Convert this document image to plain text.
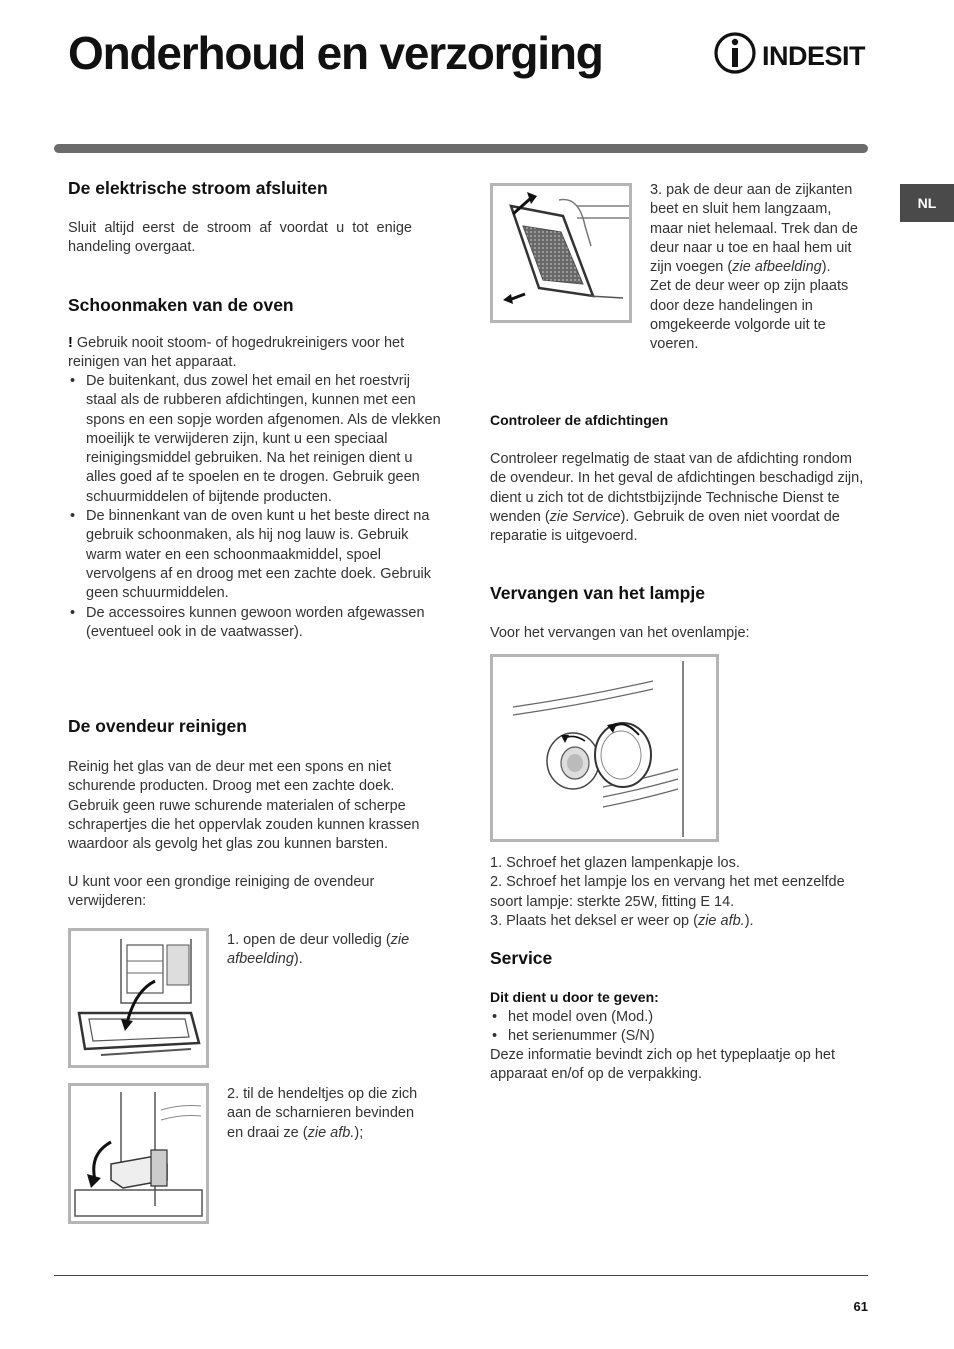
Onderhoud en verzorging	INDESIT
NL
De elektrische stroom afsluiten

Sluit altijd eerst de stroom af voordat u tot enige handeling overgaat.

Schoonmaken van de oven

! Gebruik nooit stoom- of hogedrukreinigers voor het reinigen van het apparaat.

• De buitenkant, dus zowel het email en het roestvrij staal als de rubberen afdichtingen, kunnen met een spons en een sopje worden afgenomen. Als de vlekken moeilijk te verwijderen zijn, kunt u een speciaal reinigingsmiddel gebruiken. Na het reinigen dient u alles goed af te spoelen en te drogen. Gebruik geen schuurmiddelen of bijtende producten.
• De binnenkant van de oven kunt u het beste direct na gebruik schoonmaken, als hij nog lauw is. Gebruik warm water en een schoonmaakmiddel, spoel vervolgens af en droog met een zachte doek. Gebruik geen schuurmiddelen.
• De accessoires kunnen gewoon worden afgewassen (eventueel ook in de vaatwasser).
De ovendeur reinigen

Reinig het glas van de deur met een spons en niet schurende producten. Droog met een zachte doek. Gebruik geen ruwe schurende materialen of scherpe schrapertjes die het oppervlak zouden kunnen krassen waardoor als gevolg het glas zou kunnen barsten.

U kunt voor een grondige reiniging de ovendeur verwijderen:

1. open de deur volledig (zie afbeelding).

2. til de hendeltjes op die zich aan de scharnieren bevinden en draai ze (zie afb.);

3. pak de deur aan de zijkanten beet en sluit hem langzaam, maar niet helemaal. Trek dan de deur naar u toe en haal hem uit zijn voegen (zie afbeelding).
Zet de deur weer op zijn plaats door deze handelingen in omgekeerde volgorde uit te voeren.

Controleer de afdichtingen

Controleer regelmatig de staat van de afdichting rondom de ovendeur. In het geval de afdichtingen beschadigd zijn, dient u zich tot de dichtstbijzijnde Technische Dienst te wenden (zie Service). Gebruik de oven niet voordat de reparatie is uitgevoerd.

Vervangen van het lampje

Voor het vervangen van het ovenlampje:

1. Schroef het glazen lampenkapje los.
2. Schroef het lampje los en vervang het met eenzelfde soort lampje: sterkte 25W, fitting E 14.
3. Plaats het deksel er weer op (zie afb.).

Service
Dit dient u door te geven:
• het model oven (Mod.)
• het serienummer (S/N)

Deze informatie bevindt zich op het typeplaatje op het apparaat en/of op de verpakking.

61
